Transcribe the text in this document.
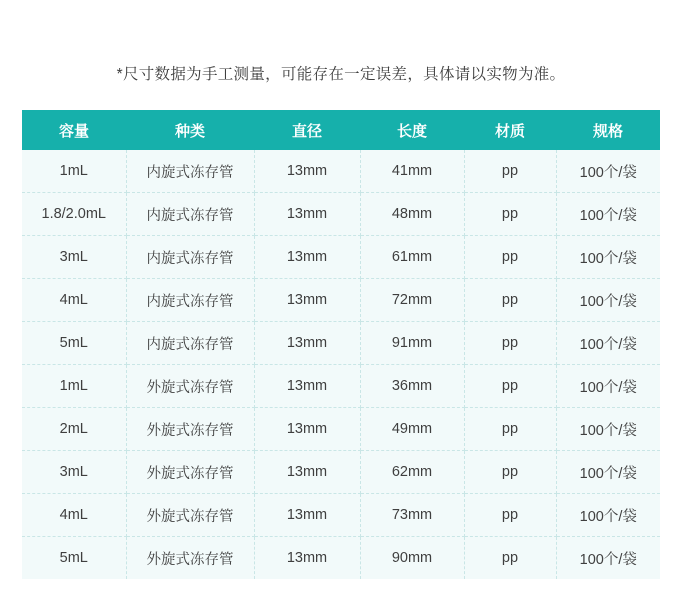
*尺寸数据为手工测量，可能存在一定误差，具体请以实物为准。
容量	种类	直径	长度	材质	规格
1mL	内旋式冻存管	13mm	41mm	pp	100个/袋
1.8/2.0mL	内旋式冻存管	13mm	48mm	pp	100个/袋
3mL	内旋式冻存管	13mm	61mm	pp	100个/袋
4mL	内旋式冻存管	13mm	72mm	pp	100个/袋
5mL	内旋式冻存管	13mm	91mm	pp	100个/袋
1mL	外旋式冻存管	13mm	36mm	pp	100个/袋
2mL	外旋式冻存管	13mm	49mm	pp	100个/袋
3mL	外旋式冻存管	13mm	62mm	pp	100个/袋
4mL	外旋式冻存管	13mm	73mm	pp	100个/袋
5mL	外旋式冻存管	13mm	90mm	pp	100个/袋
